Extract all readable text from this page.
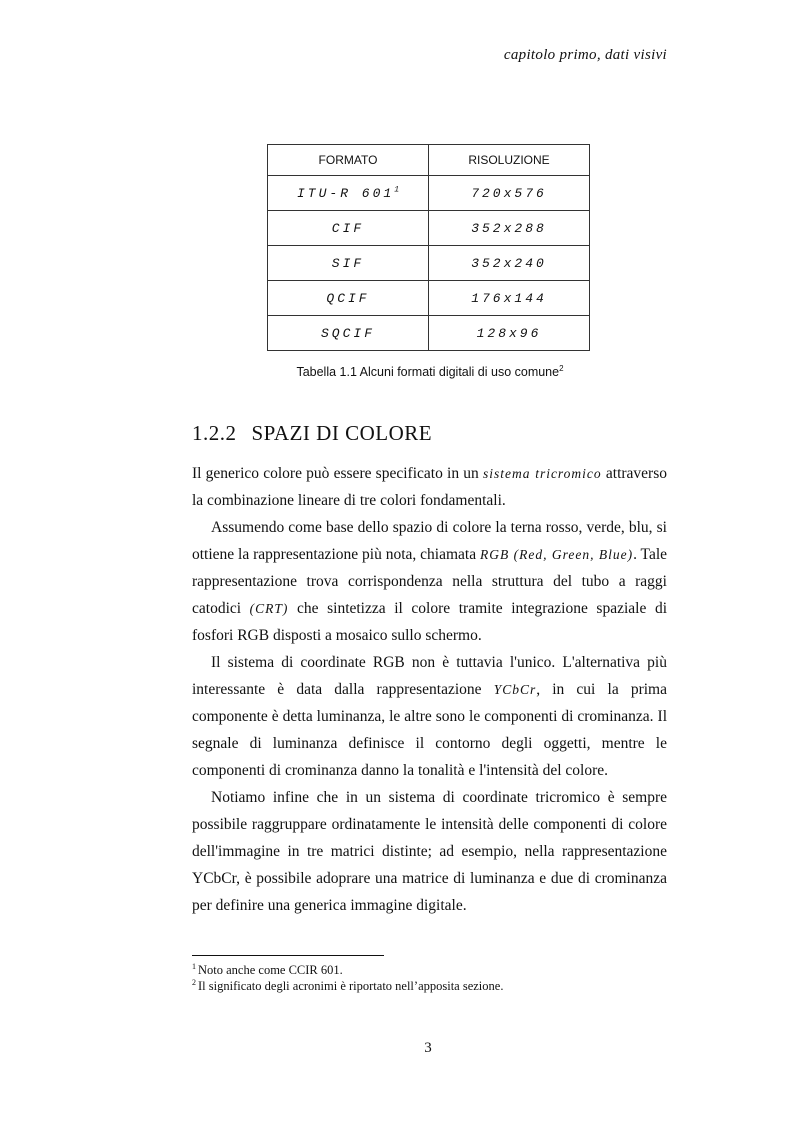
capitolo primo, dati visivi
FORMATO	RISOLUZIONE
ITU-R 601$^1$	720x576
CIF	352x288
SIF	352x240
QCIF	176x144
SQCIF	128x96
Tabella 1.1 Alcuni formati digitali di uso comune$^2$
1.2.2 SPAZI DI COLORE

Il generico colore può essere specificato in un sistema tricromico attraverso la combinazione lineare di tre colori fondamentali.

Assumendo come base dello spazio di colore la terna rosso, verde, blu, si ottiene la rappresentazione più nota, chiamata RGB (Red, Green, Blue). Tale rappresentazione trova corrispondenza nella struttura del tubo a raggi catodici (CRT) che sintetizza il colore tramite integrazione spaziale di fosfori RGB disposti a mosaico sullo schermo.

Il sistema di coordinate RGB non è tuttavia l'unico. L'alternativa più interessante è data dalla rappresentazione YCbCr, in cui la prima componente è detta luminanza, le altre sono le componenti di crominanza. Il segnale di luminanza definisce il contorno degli oggetti, mentre le componenti di crominanza danno la tonalità e l'intensità del colore.

Notiamo infine che in un sistema di coordinate tricromico è sempre possibile raggruppare ordinatamente le intensità delle componenti di colore dell'immagine in tre matrici distinte; ad esempio, nella rappresentazione YCbCr, è possibile adoprare una matrice di luminanza e due di crominanza per definire una generica immagine digitale.

$^1$ Noto anche come CCIR 601.
$^2$ Il significato degli acronimi è riportato nell’apposita sezione.
3
